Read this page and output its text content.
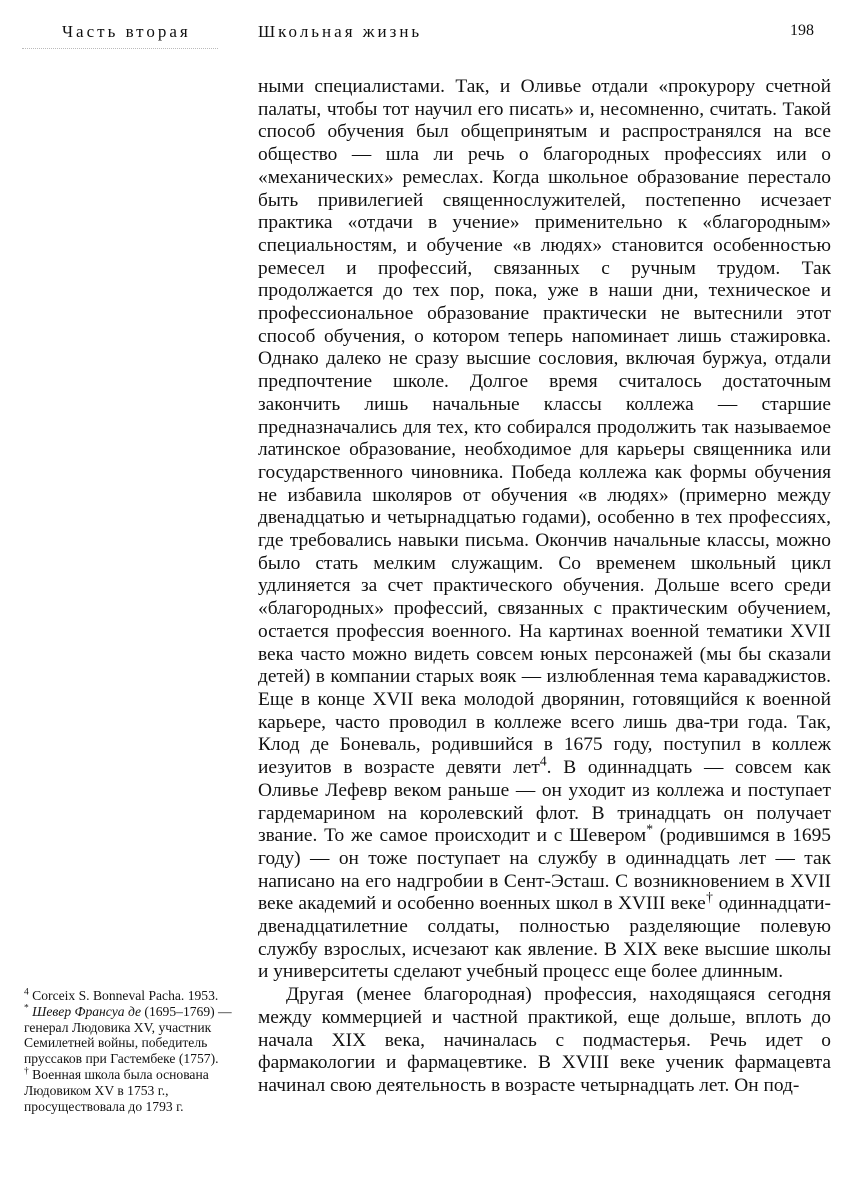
Часть вторая	Школьная жизнь	198

ными специалистами. Так, и Оливье отдали «прокурору счетной палаты, чтобы тот научил его писать» и, несомненно, считать. Такой способ обучения был общепринятым и распространялся на все общество — шла ли речь о благородных профессиях или о «механических» ремеслах. Когда школьное образование перестало быть привилегией священнослужителей, постепенно исчезает практика «отдачи в учение» применительно к «благородным» специальностям, и обучение «в людях» становится особенностью ремесел и профессий, связанных с ручным трудом. Так продолжается до тех пор, пока, уже в наши дни, техническое и профессиональное образование практически не вытеснили этот способ обучения, о котором теперь напоминает лишь стажировка. Однако далеко не сразу высшие сословия, включая буржуа, отдали предпочтение школе. Долгое время считалось достаточным закончить лишь начальные классы коллежа — старшие предназначались для тех, кто собирался продолжить так называемое латинское образование, необходимое для карьеры священника или государственного чиновника. Победа коллежа как формы обучения не избавила школяров от обучения «в людях» (примерно между двенадцатью и четырнадцатью годами), особенно в тех профессиях, где требовались навыки письма. Окончив начальные классы, можно было стать мелким служащим. Со временем школьный цикл удлиняется за счет практического обучения. Дольше всего среди «благородных» профессий, связанных с практическим обучением, остается профессия военного. На картинах военной тематики XVII века часто можно видеть совсем юных персонажей (мы бы сказали детей) в компании старых вояк — излюбленная тема караваджистов. Еще в конце XVII века молодой дворянин, готовящийся к военной карьере, часто проводил в коллеже всего лишь два-три года. Так, Клод де Боневаль, родившийся в 1675 году, поступил в коллеж иезуитов в возрасте девяти лет$^4$. В одиннадцать — совсем как Оливье Лефевр веком раньше — он уходит из коллежа и поступает гардемарином на королевский флот. В тринадцать он получает звание. То же самое происходит и с Шевером* (родившимся в 1695 году) — он тоже поступает на службу в одиннадцать лет — так написано на его надгробии в Сент-Эсташ. С возникновением в XVII веке академий и особенно военных школ в XVIII веке† одиннадцати-двенадцатилетние солдаты, полностью разделяющие полевую службу взрослых, исчезают как явление. В XIX веке высшие школы и университеты сделают учебный процесс еще более длинным.

Другая (менее благородная) профессия, находящаяся сегодня между коммерцией и частной практикой, еще дольше, вплоть до начала XIX века, начиналась с подмастерья. Речь идет о фармакологии и фармацевтике. В XVIII веке ученик фармацевта начинал свою деятельность в возрасте четырнадцать лет. Он под-

$^4$ Corceix S. Bonneval Pacha. 1953.

* Шевер Франсуа де (1695–1769) — генерал Людовика XV, участник Семилетней войны, победитель пруссаков при Гастембеке (1757).

† Военная школа была основана Людовиком XV в 1753 г., просуществовала до 1793 г.
